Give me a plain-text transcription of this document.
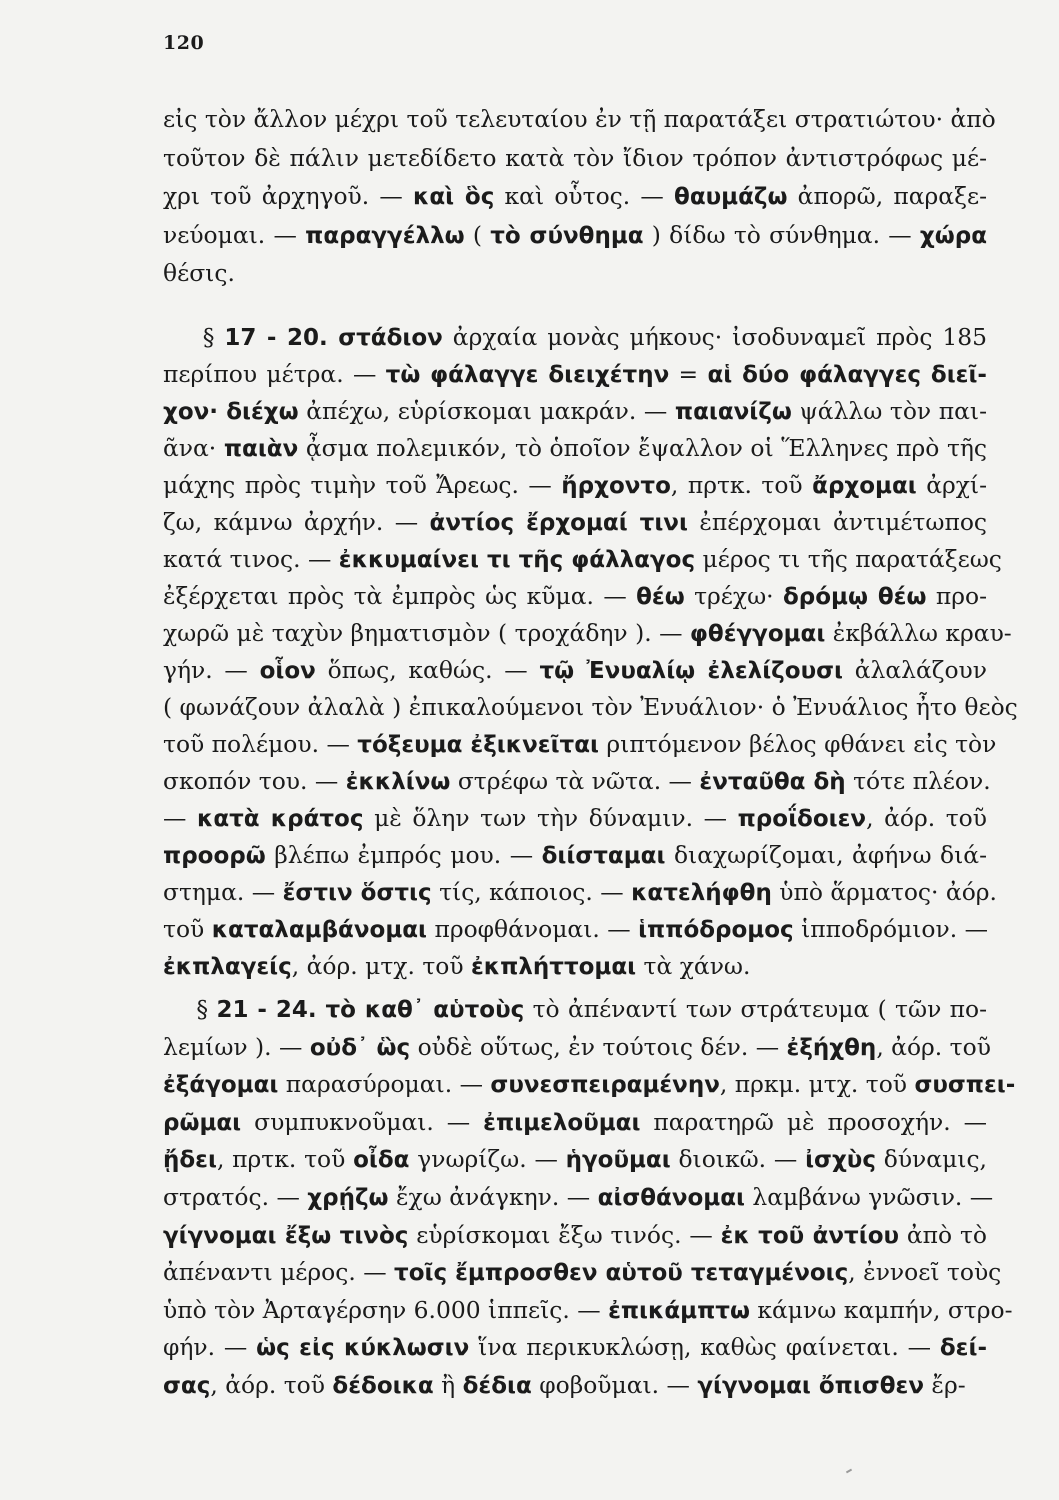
120
εἰς τὸν ἄλλον μέχρι τοῦ τελευταίου ἐν τῇ παρατάξει στρατιώτου· ἀπὸ
τοῦτον δὲ πάλιν μετεδίδετο κατὰ τὸν ἴδιον τρόπον ἀντιστρόφως μέ-
χρι τοῦ ἀρχηγοῦ. — καὶ ὃς καὶ οὗτος. — θαυμάζω ἀπορῶ, παραξε-
νεύομαι. — παραγγέλλω ( τὸ σύνθημα ) δίδω τὸ σύνθημα. — χώρα
θέσις.
§ 17 - 20. στάδιον ἀρχαία μονὰς μήκους· ἰσοδυναμεῖ πρὸς 185
περίπου μέτρα. — τὼ φάλαγγε διειχέτην = αἱ δύο φάλαγγες διεῖ-
χον· διέχω ἀπέχω, εὑρίσκομαι μακράν. — παιανίζω ψάλλω τὸν παι-
ᾶνα· παιὰν ᾆσμα πολεμικόν, τὸ ὁποῖον ἔψαλλον οἱ Ἕλληνες πρὸ τῆς
μάχης πρὸς τιμὴν τοῦ Ἄρεως. — ἤρχοντο, πρτκ. τοῦ ἄρχομαι ἀρχί-
ζω, κάμνω ἀρχήν. — ἀντίος ἔρχομαί τινι ἐπέρχομαι ἀντιμέτωπος
κατά τινος. — ἐκκυμαίνει τι τῆς φάλλαγος μέρος τι τῆς παρατάξεως
ἐξέρχεται πρὸς τὰ ἐμπρὸς ὡς κῦμα. — θέω τρέχω· δρόμῳ θέω προ-
χωρῶ μὲ ταχὺν βηματισμὸν ( τροχάδην ). — φθέγγομαι ἐκβάλλω κραυ-
γήν. — οἷον ὅπως, καθώς. — τῷ Ἐνυαλίῳ ἐλελίζουσι ἀλαλάζουν
( φωνάζουν ἀλαλὰ ) ἐπικαλούμενοι τὸν Ἐνυάλιον· ὁ Ἐνυάλιος ἦτο θεὸς
τοῦ πολέμου. — τόξευμα ἐξικνεῖται ριπτόμενον βέλος φθάνει εἰς τὸν
σκοπόν του. — ἐκκλίνω στρέφω τὰ νῶτα. — ἐνταῦθα δὴ τότε πλέον.
— κατὰ κράτος μὲ ὅλην των τὴν δύναμιν. — προΐδοιεν, ἀόρ. τοῦ
προορῶ βλέπω ἐμπρός μου. — διίσταμαι διαχωρίζομαι, ἀφήνω διά-
στημα. — ἔστιν ὅστις τίς, κάποιος. — κατελήφθη ὑπὸ ἅρματος· ἀόρ.
τοῦ καταλαμβάνομαι προφθάνομαι. — ἱππόδρομος ἱπποδρόμιον. —
ἐκπλαγείς, ἀόρ. μτχ. τοῦ ἐκπλήττομαι τὰ χάνω.
§ 21 - 24. τὸ καθ᾽ αὑτοὺς τὸ ἀπέναντί των στράτευμα ( τῶν πο-
λεμίων ). — οὐδ᾽ ὣς οὐδὲ οὕτως, ἐν τούτοις δέν. — ἐξήχθη, ἀόρ. τοῦ
ἐξάγομαι παρασύρομαι. — συνεσπειραμένην, πρκμ. μτχ. τοῦ συσπει-
ρῶμαι συμπυκνοῦμαι. — ἐπιμελοῦμαι παρατηρῶ μὲ προσοχήν. —
ᾔδει, πρτκ. τοῦ οἶδα γνωρίζω. — ἡγοῦμαι διοικῶ. — ἰσχὺς δύναμις,
στρατός. — χρῄζω ἔχω ἀνάγκην. — αἰσθάνομαι λαμβάνω γνῶσιν. —
γίγνομαι ἔξω τινὸς εὑρίσκομαι ἔξω τινός. — ἐκ τοῦ ἀντίου ἀπὸ τὸ
ἀπέναντι μέρος. — τοῖς ἔμπροσθεν αὑτοῦ τεταγμένοις, ἐννοεῖ τοὺς
ὑπὸ τὸν Ἀρταγέρσην 6.000 ἱππεῖς. — ἐπικάμπτω κάμνω καμπήν, στρο-
φήν. — ὡς εἰς κύκλωσιν ἵνα περικυκλώσῃ, καθὼς φαίνεται. — δεί-
σας, ἀόρ. τοῦ δέδοικα ἢ δέδια φοβοῦμαι. — γίγνομαι ὄπισθεν ἔρ-
